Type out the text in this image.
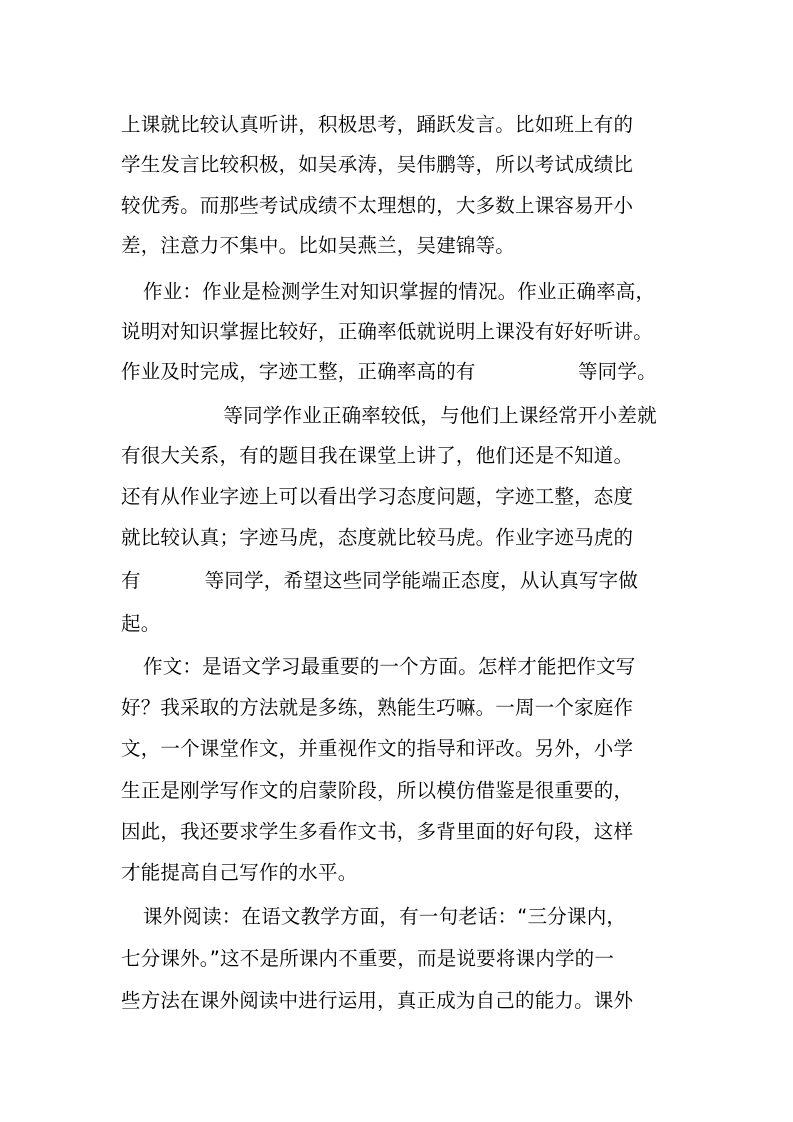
上课就比较认真听讲，积极思考，踊跃发言。比如班上有的
学生发言比较积极，如吴承涛，吴伟鹏等，所以考试成绩比
较优秀。而那些考试成绩不太理想的，大多数上课容易开小
差，注意力不集中。比如吴燕兰，吴建锦等。
作业：作业是检测学生对知识掌握的情况。作业正确率高，
说明对知识掌握比较好，正确率低就说明上课没有好好听讲。
作业及时完成，字迹工整，正确率高的有                等同学。
等同学作业正确率较低，与他们上课经常开小差就
有很大关系，有的题目我在课堂上讲了，他们还是不知道。
还有从作业字迹上可以看出学习态度问题，字迹工整，态度
就比较认真；字迹马虎，态度就比较马虎。作业字迹马虎的
有          等同学，希望这些同学能端正态度，从认真写字做
起。
作文：是语文学习最重要的一个方面。怎样才能把作文写
好？我采取的方法就是多练，熟能生巧嘛。一周一个家庭作
文，一个课堂作文，并重视作文的指导和评改。另外，小学
生正是刚学写作文的启蒙阶段，所以模仿借鉴是很重要的，
因此，我还要求学生多看作文书，多背里面的好句段，这样
才能提高自己写作的水平。
课外阅读：在语文教学方面，有一句老话：“三分课内，
七分课外。”这不是所课内不重要，而是说要将课内学的一
些方法在课外阅读中进行运用，真正成为自己的能力。课外
